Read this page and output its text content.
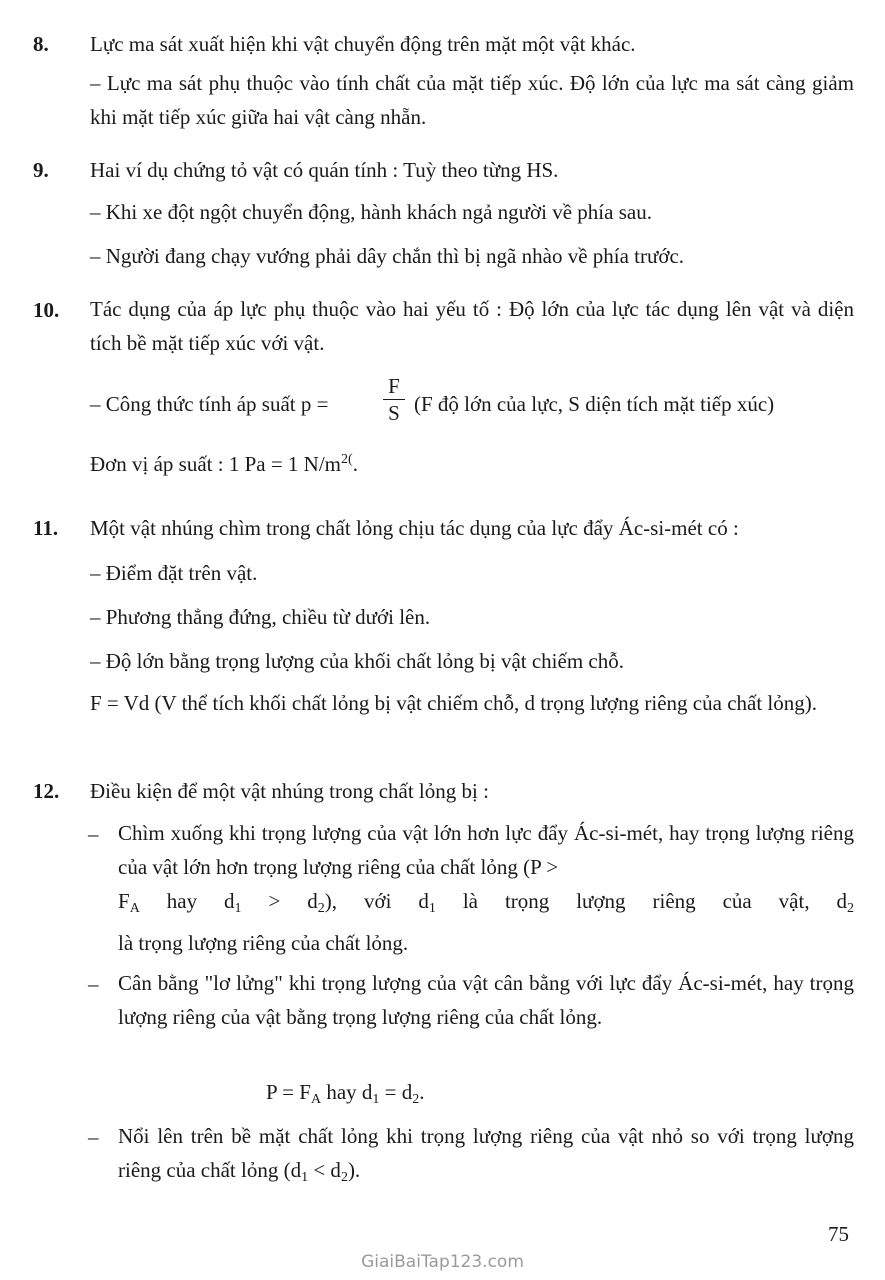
8. Lực ma sát xuất hiện khi vật chuyển động trên mặt một vật khác.
– Lực ma sát phụ thuộc vào tính chất của mặt tiếp xúc. Độ lớn của lực ma sát càng giảm khi mặt tiếp xúc giữa hai vật càng nhẵn.
9. Hai ví dụ chứng tỏ vật có quán tính : Tuỳ theo từng HS.
– Khi xe đột ngột chuyển động, hành khách ngả người về phía sau.
– Người đang chạy vướng phải dây chắn thì bị ngã nhào về phía trước.
10. Tác dụng của áp lực phụ thuộc vào hai yếu tố : Độ lớn của lực tác dụng lên vật và diện tích bề mặt tiếp xúc với vật.
– Công thức tính áp suất p =
F
S (F độ lớn của lực, S diện tích mặt tiếp xúc)
Đơn vị áp suất : 1 Pa = 1 $N/m^{2(}$.
11. Một vật nhúng chìm trong chất lỏng chịu tác dụng của lực đẩy Ác-si-mét có :
– Điểm đặt trên vật.
– Phương thẳng đứng, chiều từ dưới lên.
– Độ lớn bằng trọng lượng của khối chất lỏng bị vật chiếm chỗ.
F = Vd (V thể tích khối chất lỏng bị vật chiếm chỗ, d trọng lượng riêng của chất lỏng).
12. Điều kiện để một vật nhúng trong chất lỏng bị :
– Chìm xuống khi trọng lượng của vật lớn hơn lực đẩy Ác-si-mét, hay trọng lượng riêng của vật lớn hơn trọng lượng riêng của chất lỏng (P >

$F_A$ hay $d_1 > d_2$), với $d_1$ là trọng lượng riêng của vật, $d_2$
là trọng lượng riêng của chất lỏng.
– Cân bằng "lơ lửng" khi trọng lượng của vật cân bằng với lực đẩy Ác-si-mét, hay trọng lượng riêng của vật bằng trọng lượng riêng của chất lỏng.
$P = F_A$ hay $d_1 = d_2$.
– Nổi lên trên bề mặt chất lỏng khi trọng lượng riêng của vật nhỏ so với trọng lượng riêng của chất lỏng $(d_1 < d_2)$.
75
GiaiBaiTap123.com
